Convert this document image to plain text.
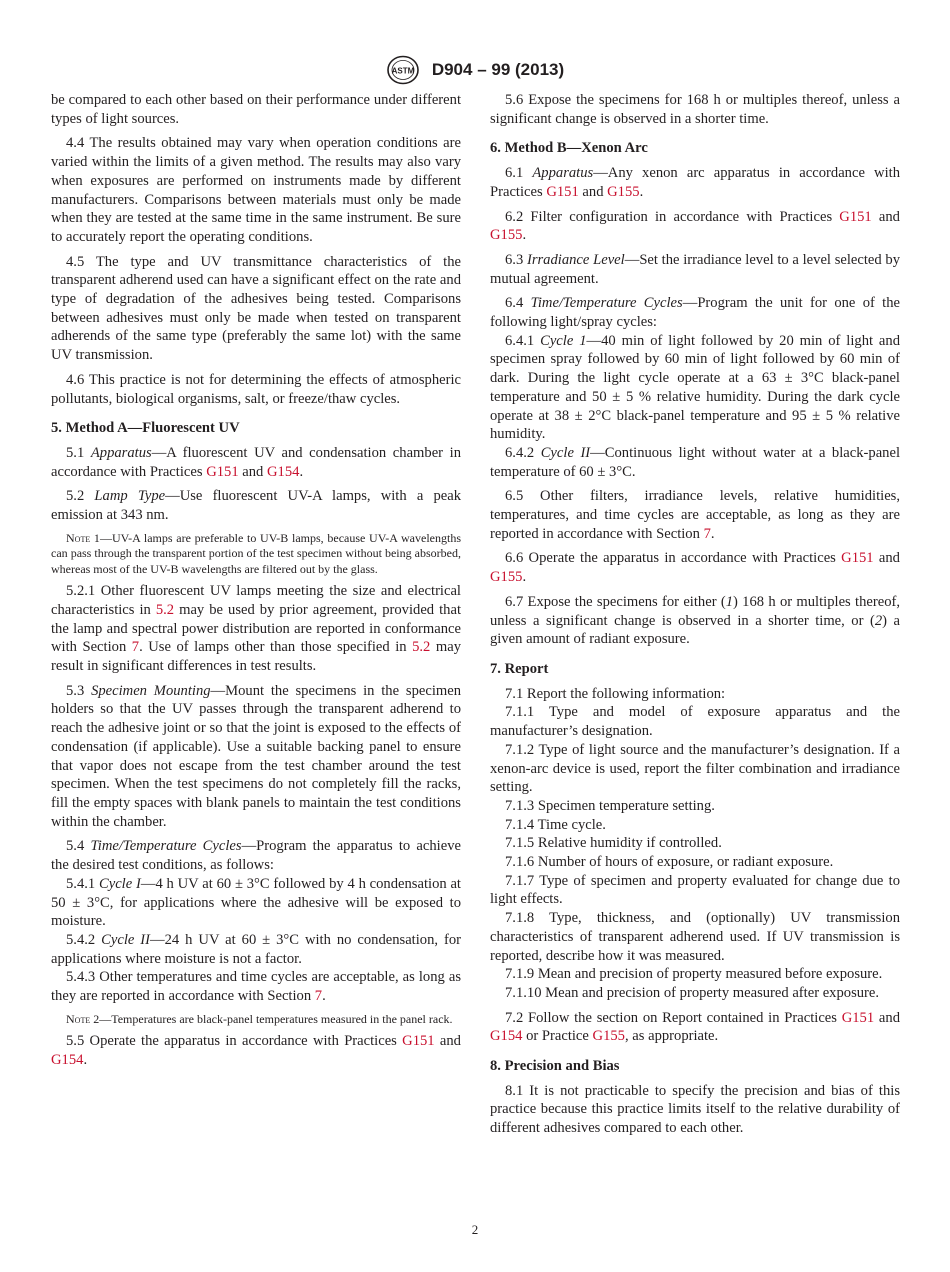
ASTM D904 – 99 (2013)

be compared to each other based on their performance under different types of light sources.

4.4 The results obtained may vary when operation conditions are varied within the limits of a given method. The results may also vary when exposures are performed on instruments made by different manufacturers. Comparisons between materials must only be made when they are tested at the same time in the same instrument. Be sure to accurately report the operating conditions.

4.5 The type and UV transmittance characteristics of the transparent adherend used can have a significant effect on the rate and type of degradation of the adhesives being tested. Comparisons between adhesives must only be made when tested on transparent adherends of the same type (preferably the same lot) with the same UV transmission.

4.6 This practice is not for determining the effects of atmospheric pollutants, biological organisms, salt, or freeze/thaw cycles.

5. Method A—Fluorescent UV

5.1 Apparatus—A fluorescent UV and condensation chamber in accordance with Practices G151 and G154.

5.2 Lamp Type—Use fluorescent UV-A lamps, with a peak emission at 343 nm.

Note 1—UV-A lamps are preferable to UV-B lamps, because UV-A wavelengths can pass through the transparent portion of the test specimen without being absorbed, whereas most of the UV-B wavelengths are filtered out by the glass.

5.2.1 Other fluorescent UV lamps meeting the size and electrical characteristics in 5.2 may be used by prior agreement, provided that the lamp and spectral power distribution are reported in conformance with Section 7. Use of lamps other than those specified in 5.2 may result in significant differences in test results.

5.3 Specimen Mounting—Mount the specimens in the specimen holders so that the UV passes through the transparent adherend to reach the adhesive joint or so that the joint is exposed to the effects of condensation (if applicable). Use a suitable backing panel to ensure that vapor does not escape from the test chamber around the test specimen. When the test specimens do not completely fill the racks, fill the empty spaces with blank panels to maintain the test conditions within the chamber.

5.4 Time/Temperature Cycles—Program the apparatus to achieve the desired test conditions, as follows:

5.4.1 Cycle I—4 h UV at 60 ± 3°C followed by 4 h condensation at 50 ± 3°C, for applications where the adhesive will be exposed to moisture.

5.4.2 Cycle II—24 h UV at 60 ± 3°C with no condensation, for applications where moisture is not a factor.

5.4.3 Other temperatures and time cycles are acceptable, as long as they are reported in accordance with Section 7.

Note 2—Temperatures are black-panel temperatures measured in the panel rack.

5.5 Operate the apparatus in accordance with Practices G151 and G154.

5.6 Expose the specimens for 168 h or multiples thereof, unless a significant change is observed in a shorter time.

6. Method B—Xenon Arc

6.1 Apparatus—Any xenon arc apparatus in accordance with Practices G151 and G155.

6.2 Filter configuration in accordance with Practices G151 and G155.

6.3 Irradiance Level—Set the irradiance level to a level selected by mutual agreement.

6.4 Time/Temperature Cycles—Program the unit for one of the following light/spray cycles:

6.4.1 Cycle 1—40 min of light followed by 20 min of light and specimen spray followed by 60 min of light followed by 60 min of dark. During the light cycle operate at a 63 ± 3°C black-panel temperature and 50 ± 5 % relative humidity. During the dark cycle operate at 38 ± 2°C black-panel temperature and 95 ± 5 % relative humidity.

6.4.2 Cycle II—Continuous light without water at a black-panel temperature of 60 ± 3°C.

6.5 Other filters, irradiance levels, relative humidities, temperatures, and time cycles are acceptable, as long as they are reported in accordance with Section 7.

6.6 Operate the apparatus in accordance with Practices G151 and G155.

6.7 Expose the specimens for either (1) 168 h or multiples thereof, unless a significant change is observed in a shorter time, or (2) a given amount of radiant exposure.

7. Report

7.1 Report the following information:

7.1.1 Type and model of exposure apparatus and the manufacturer’s designation.

7.1.2 Type of light source and the manufacturer’s designation. If a xenon-arc device is used, report the filter combination and irradiance setting.

7.1.3 Specimen temperature setting.

7.1.4 Time cycle.

7.1.5 Relative humidity if controlled.

7.1.6 Number of hours of exposure, or radiant exposure.

7.1.7 Type of specimen and property evaluated for change due to light effects.

7.1.8 Type, thickness, and (optionally) UV transmission characteristics of transparent adherend used. If UV transmission is reported, describe how it was measured.

7.1.9 Mean and precision of property measured before exposure.

7.1.10 Mean and precision of property measured after exposure.

7.2 Follow the section on Report contained in Practices G151 and G154 or Practice G155, as appropriate.

8. Precision and Bias

8.1 It is not practicable to specify the precision and bias of this practice because this practice limits itself to the relative durability of different adhesives compared to each other.

2
